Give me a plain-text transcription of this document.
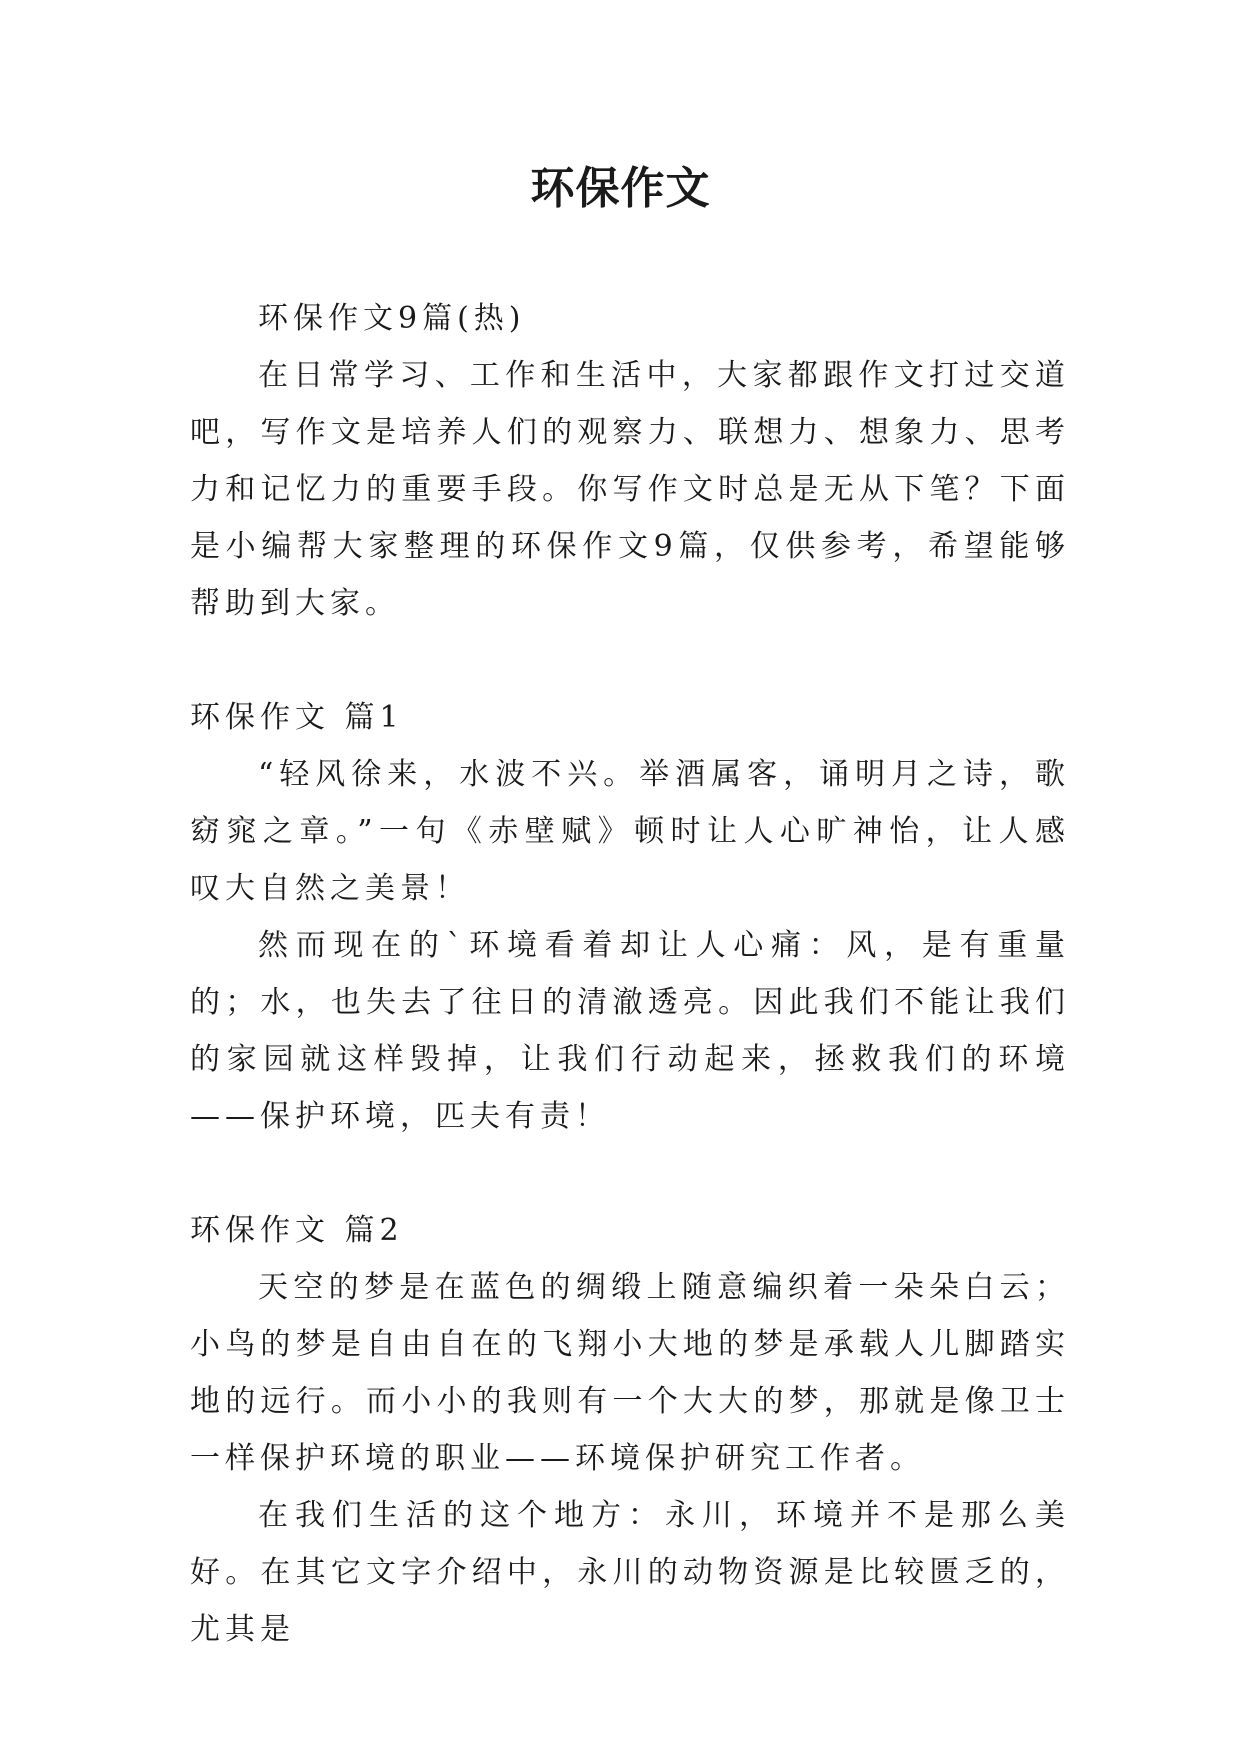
环保作文

环保作文9篇(热)

在日常学习、工作和生活中，大家都跟作文打过交道吧，写作文是培养人们的观察力、联想力、想象力、思考力和记忆力的重要手段。你写作文时总是无从下笔？下面是小编帮大家整理的环保作文9篇，仅供参考，希望能够帮助到大家。

环保作文 篇1

“轻风徐来，水波不兴。举酒属客，诵明月之诗，歌窈窕之章。”一句《赤壁赋》顿时让人心旷神怡，让人感叹大自然之美景！

然而现在的`环境看着却让人心痛：风，是有重量的；水，也失去了往日的清澈透亮。因此我们不能让我们的家园就这样毁掉，让我们行动起来，拯救我们的环境——保护环境，匹夫有责！

环保作文 篇2

天空的梦是在蓝色的绸缎上随意编织着一朵朵白云；小鸟的梦是自由自在的飞翔小大地的梦是承载人儿脚踏实地的远行。而小小的我则有一个大大的梦，那就是像卫士一样保护环境的职业——环境保护研究工作者。

在我们生活的这个地方：永川，环境并不是那么美好。在其它文字介绍中，永川的动物资源是比较匮乏的，尤其是
